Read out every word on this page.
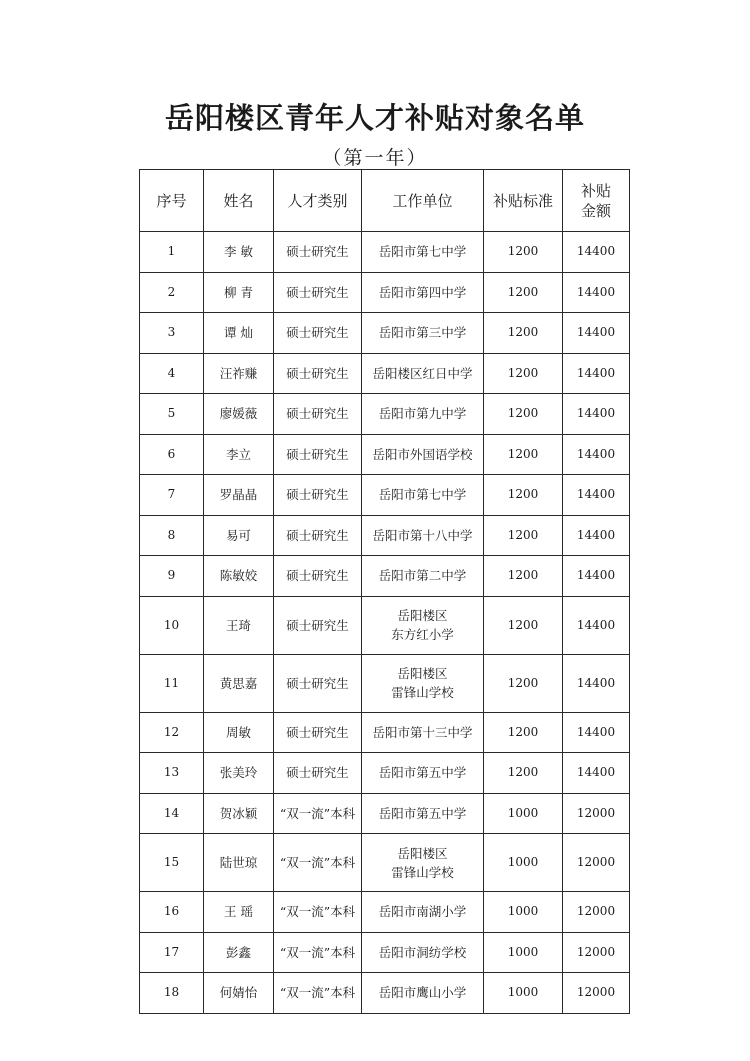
岳阳楼区青年人才补贴对象名单
（第一年）
序号	姓名	人才类别	工作单位	补贴标准	补贴
金额

1	李 敏	硕士研究生	岳阳市第七中学	1200	14400
2	柳 青	硕士研究生	岳阳市第四中学	1200	14400
3	谭 灿	硕士研究生	岳阳市第三中学	1200	14400
4	汪祚赚	硕士研究生	岳阳楼区红日中学	1200	14400
5	廖媛薇	硕士研究生	岳阳市第九中学	1200	14400
6	李立	硕士研究生	岳阳市外国语学校	1200	14400
7	罗晶晶	硕士研究生	岳阳市第七中学	1200	14400
8	易可	硕士研究生	岳阳市第十八中学	1200	14400
9	陈敏姣	硕士研究生	岳阳市第二中学	1200	14400
10	王琦	硕士研究生	岳阳楼区
东方红小学	1200	14400
11	黄思嘉	硕士研究生	岳阳楼区
雷锋山学校	1200	14400
12	周敏	硕士研究生	岳阳市第十三中学	1200	14400
13	张美玲	硕士研究生	岳阳市第五中学	1200	14400
14	贺冰颖	“双一流”本科	岳阳市第五中学	1000	12000
15	陆世琼	“双一流”本科	岳阳楼区
雷锋山学校	1000	12000
16	王 瑶	“双一流”本科	岳阳市南湖小学	1000	12000
17	彭鑫	“双一流”本科	岳阳市洞纺学校	1000	12000
18	何婧怡	“双一流”本科	岳阳市鹰山小学	1000	12000
